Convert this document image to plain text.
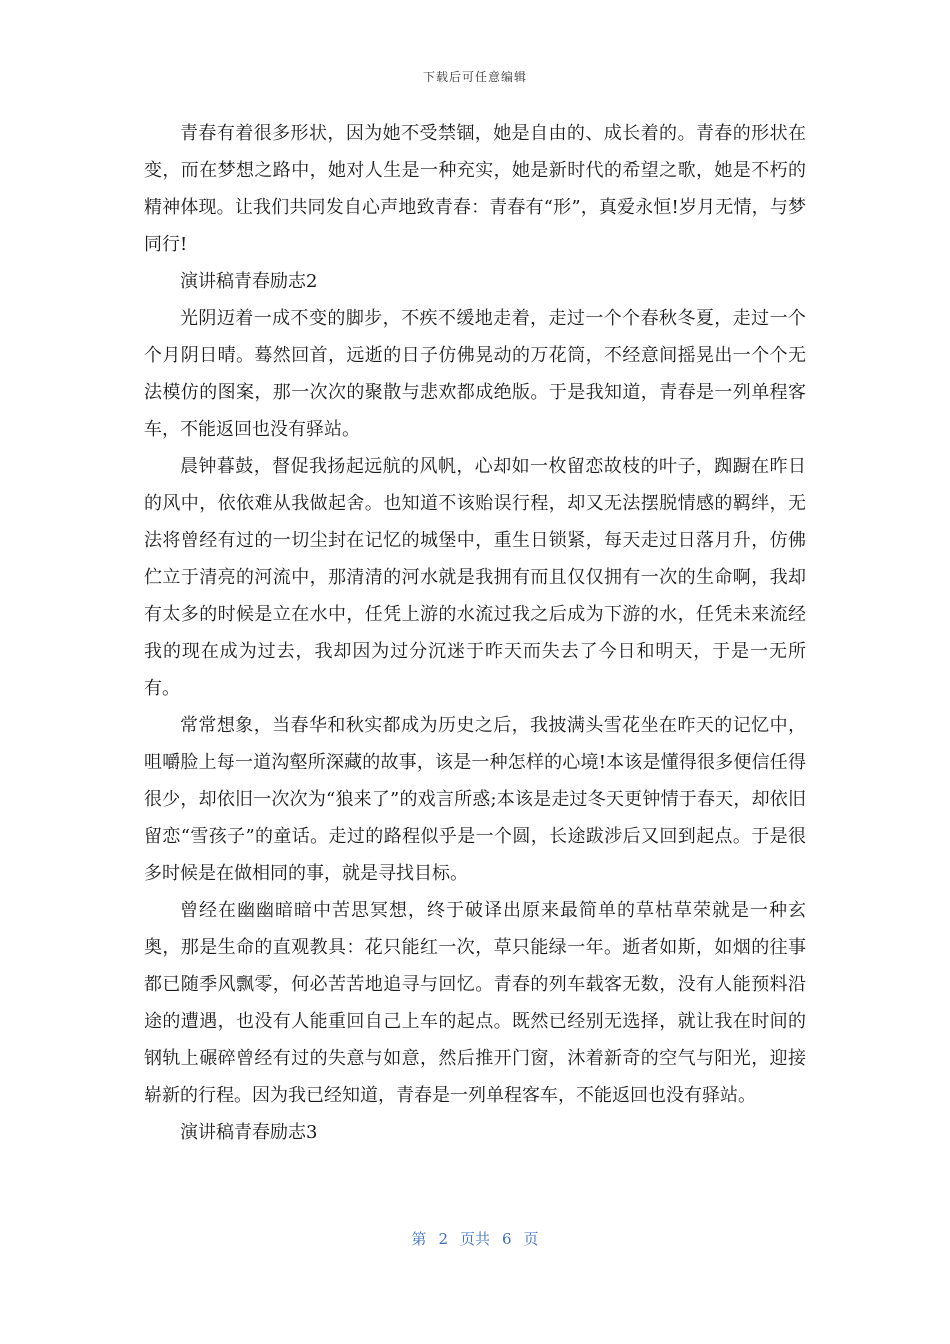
下载后可任意编辑

青春有着很多形状，因为她不受禁锢，她是自由的、成长着的。青春的形状在变，而在梦想之路中，她对人生是一种充实，她是新时代的希望之歌，她是不朽的精神体现。让我们共同发自心声地致青春：青春有“形”，真爱永恒!岁月无情，与梦同行!

演讲稿青春励志2

光阴迈着一成不变的脚步，不疾不缓地走着，走过一个个春秋冬夏，走过一个个月阴日晴。蓦然回首，远逝的日子仿佛晃动的万花筒，不经意间摇晃出一个个无法模仿的图案，那一次次的聚散与悲欢都成绝版。于是我知道，青春是一列单程客车，不能返回也没有驿站。

晨钟暮鼓，督促我扬起远航的风帆，心却如一枚留恋故枝的叶子，踟蹰在昨日的风中，依依难从我做起舍。也知道不该贻误行程，却又无法摆脱情感的羁绊，无法将曾经有过的一切尘封在记忆的城堡中，重生日锁紧，每天走过日落月升，仿佛伫立于清亮的河流中，那清清的河水就是我拥有而且仅仅拥有一次的生命啊，我却有太多的时候是立在水中，任凭上游的水流过我之后成为下游的水，任凭未来流经我的现在成为过去，我却因为过分沉迷于昨天而失去了今日和明天，于是一无所有。

常常想象，当春华和秋实都成为历史之后，我披满头雪花坐在昨天的记忆中，咀嚼脸上每一道沟壑所深藏的故事，该是一种怎样的心境!本该是懂得很多便信任得很少，却依旧一次次为“狼来了”的戏言所惑;本该是走过冬天更钟情于春天，却依旧留恋“雪孩子”的童话。走过的路程似乎是一个圆，长途跋涉后又回到起点。于是很多时候是在做相同的事，就是寻找目标。

曾经在幽幽暗暗中苦思冥想，终于破译出原来最简单的草枯草荣就是一种玄奥，那是生命的直观教具：花只能红一次，草只能绿一年。逝者如斯，如烟的往事都已随季风飘零，何必苦苦地追寻与回忆。青春的列车载客无数，没有人能预料沿途的遭遇，也没有人能重回自己上车的起点。既然已经别无选择，就让我在时间的钢轨上碾碎曾经有过的失意与如意，然后推开门窗，沐着新奇的空气与阳光，迎接崭新的行程。因为我已经知道，青春是一列单程客车，不能返回也没有驿站。

演讲稿青春励志3

第 2 页共 6 页
